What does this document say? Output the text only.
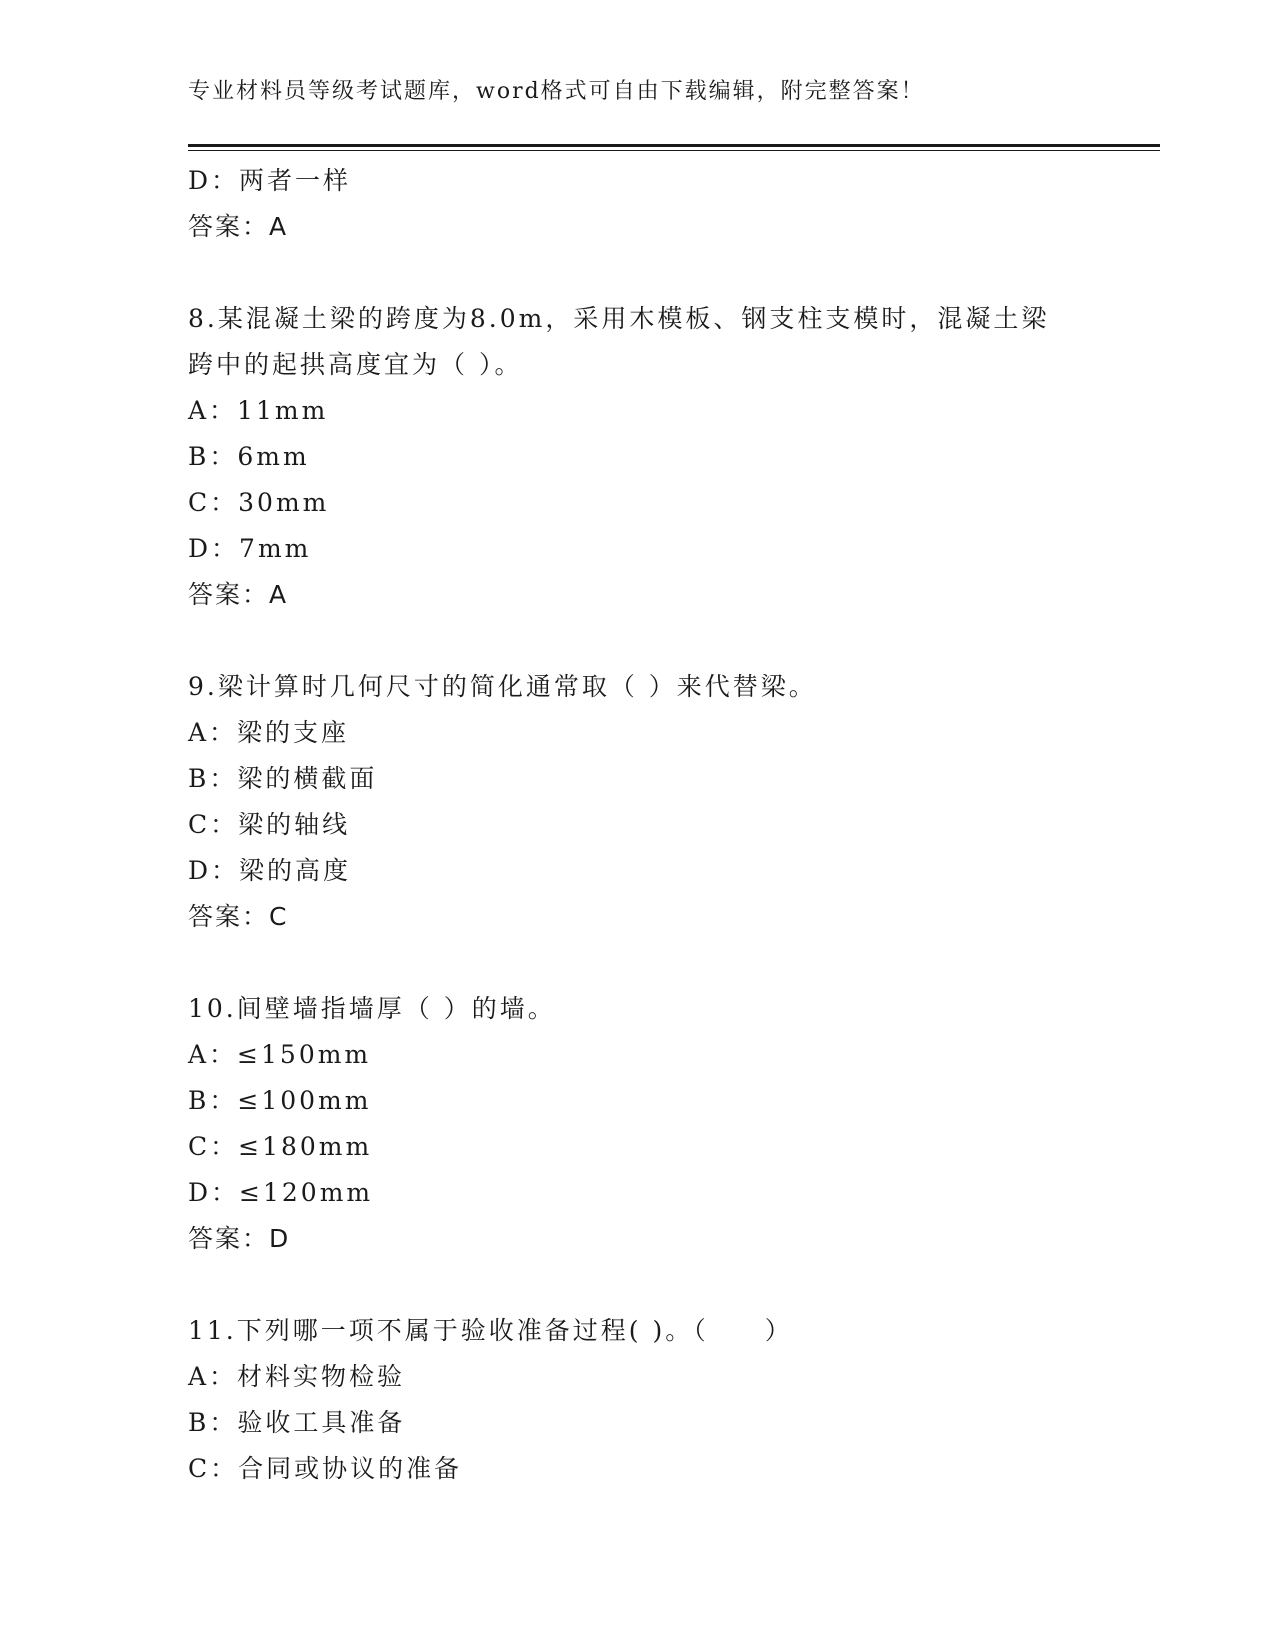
专业材料员等级考试题库，word格式可自由下载编辑，附完整答案！
D：两者一样
答案：A
8.某混凝土梁的跨度为8.0m，采用木模板、钢支柱支模时，混凝土梁
跨中的起拱高度宜为（ ）。
A：11mm
B：6mm
C：30mm
D：7mm
答案：A
9.梁计算时几何尺寸的简化通常取（ ）来代替梁。
A：梁的支座
B：梁的横截面
C：梁的轴线
D：梁的高度
答案：C
10.间壁墙指墙厚（ ）的墙。
A：≤150mm
B：≤100mm
C：≤180mm
D：≤120mm
答案：D
11.下列哪一项不属于验收准备过程( )。（　　）
A：材料实物检验
B：验收工具准备
C：合同或协议的准备
